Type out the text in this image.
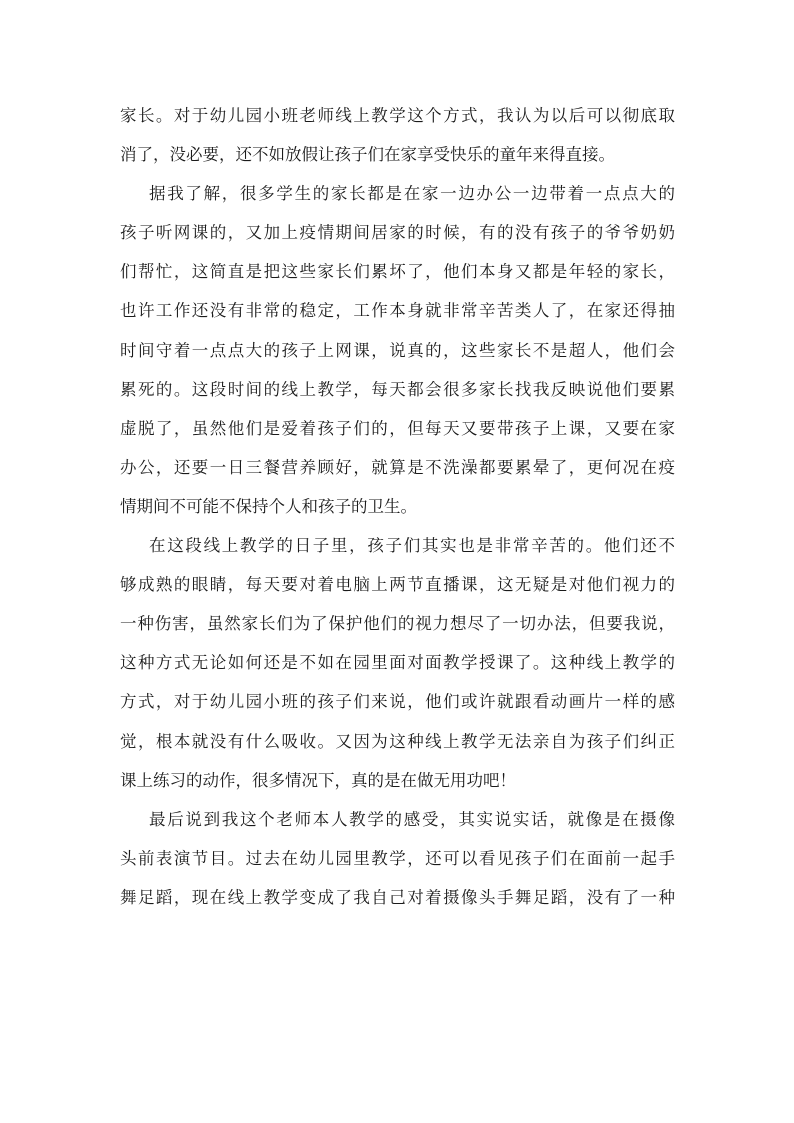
家长。对于幼儿园小班老师线上教学这个方式，我认为以后可以彻底取
消了，没必要，还不如放假让孩子们在家享受快乐的童年来得直接。
据我了解，很多学生的家长都是在家一边办公一边带着一点点大的
孩子听网课的，又加上疫情期间居家的时候，有的没有孩子的爷爷奶奶
们帮忙，这简直是把这些家长们累坏了，他们本身又都是年轻的家长，
也许工作还没有非常的稳定，工作本身就非常辛苦类人了，在家还得抽
时间守着一点点大的孩子上网课，说真的，这些家长不是超人，他们会
累死的。这段时间的线上教学，每天都会很多家长找我反映说他们要累
虚脱了，虽然他们是爱着孩子们的，但每天又要带孩子上课，又要在家
办公，还要一日三餐营养顾好，就算是不洗澡都要累晕了，更何况在疫
情期间不可能不保持个人和孩子的卫生。
在这段线上教学的日子里，孩子们其实也是非常辛苦的。他们还不
够成熟的眼睛，每天要对着电脑上两节直播课，这无疑是对他们视力的
一种伤害，虽然家长们为了保护他们的视力想尽了一切办法，但要我说，
这种方式无论如何还是不如在园里面对面教学授课了。这种线上教学的
方式，对于幼儿园小班的孩子们来说，他们或许就跟看动画片一样的感
觉，根本就没有什么吸收。又因为这种线上教学无法亲自为孩子们纠正
课上练习的动作，很多情况下，真的是在做无用功吧！
最后说到我这个老师本人教学的感受，其实说实话，就像是在摄像
头前表演节目。过去在幼儿园里教学，还可以看见孩子们在面前一起手
舞足蹈，现在线上教学变成了我自己对着摄像头手舞足蹈，没有了一种
